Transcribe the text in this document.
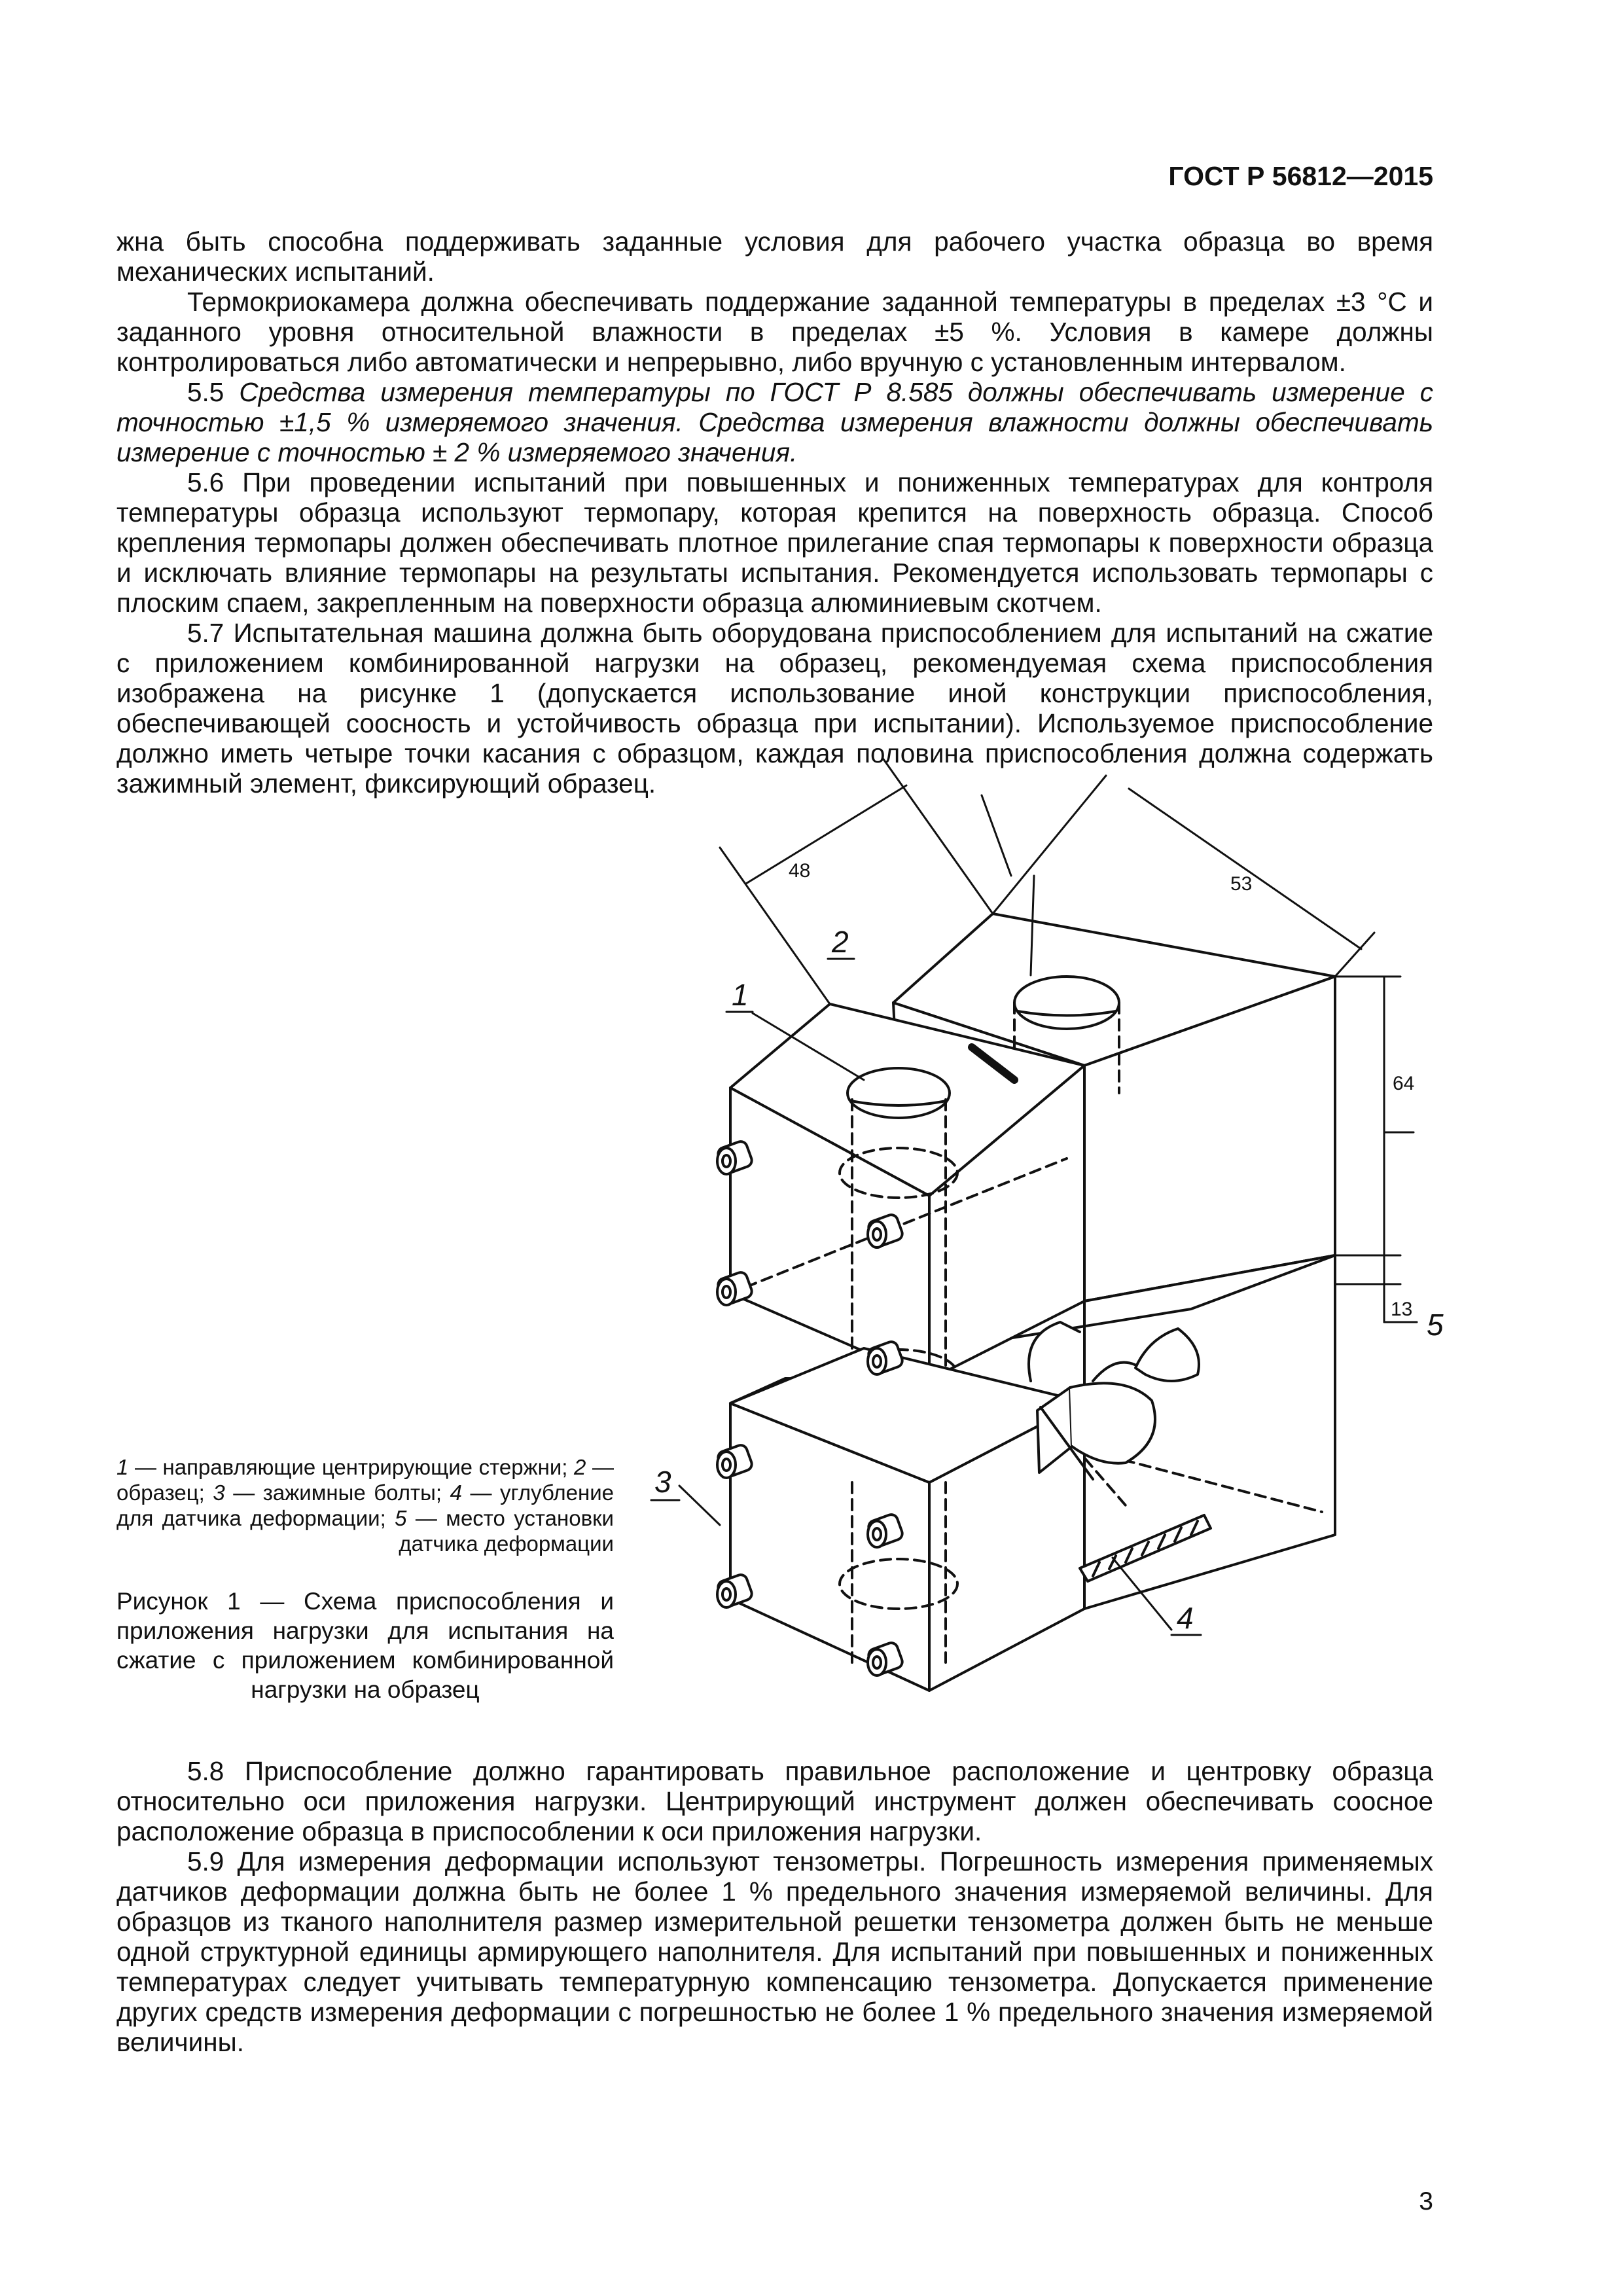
ГОСТ Р 56812—2015

жна быть способна поддерживать заданные условия для рабочего участка образца во время механических испытаний.

Термокриокамера должна обеспечивать поддержание заданной температуры в пределах ±3 °С и заданного уровня относительной влажности в пределах ±5 %. Условия в камере должны контролироваться либо автоматически и непрерывно, либо вручную с установленным интервалом.

5.5 Средства измерения температуры по ГОСТ Р 8.585 должны обеспечивать измерение с точностью ±1,5 % измеряемого значения. Средства измерения влажности должны обеспечивать измерение с точностью ± 2 % измеряемого значения.

5.6 При проведении испытаний при повышенных и пониженных температурах для контроля температуры образца используют термопару, которая крепится на поверхность образца. Способ крепления термопары должен обеспечивать плотное прилегание спая термопары к поверхности образца и исключать влияние термопары на результаты испытания. Рекомендуется использовать термопары с плоским спаем, закрепленным на поверхности образца алюминиевым скотчем.

5.7 Испытательная машина должна быть оборудована приспособлением для испытаний на сжатие с приложением комбинированной нагрузки на образец, рекомендуемая схема приспособления изображена на рисунке 1 (допускается использование иной конструкции приспособления, обеспечивающей соосность и устойчивость образца при испытании). Используемое приспособление должно иметь четыре точки касания с образцом, каждая половина приспособления должна содержать зажимный элемент, фиксирующий образец.

48
53
64
13
2
1
3
4
5
1 — направляющие центрирующие стержни; 2 — образец; 3 — зажимные болты; 4 — углубление для датчика деформации; 5 — место установки датчика деформации
Рисунок 1 — Схема приспособления и приложения нагрузки для испытания на сжатие с приложением комбинированной нагрузки на образец

5.8 Приспособление должно гарантировать правильное расположение и центровку образца относительно оси приложения нагрузки. Центрирующий инструмент должен обеспечивать соосное расположение образца в приспособлении к оси приложения нагрузки.

5.9 Для измерения деформации используют тензометры. Погрешность измерения применяемых датчиков деформации должна быть не более 1 % предельного значения измеряемой величины. Для образцов из тканого наполнителя размер измерительной решетки тензометра должен быть не меньше одной структурной единицы армирующего наполнителя. Для испытаний при повышенных и пониженных температурах следует учитывать температурную компенсацию тензометра. Допускается применение других средств измерения деформации с погрешностью не более 1 % предельного значения измеряемой величины.

3
